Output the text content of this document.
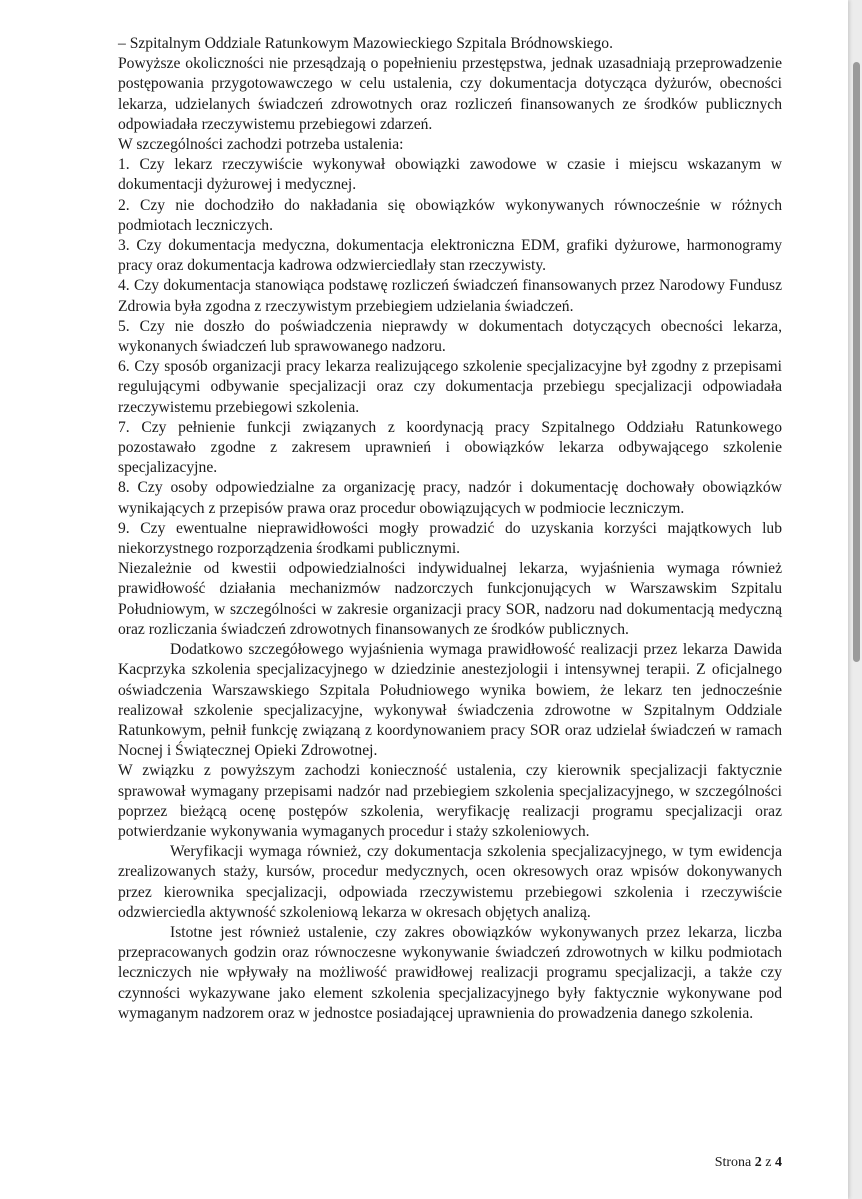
– Szpitalnym Oddziale Ratunkowym Mazowieckiego Szpitala Bródnowskiego.

Powyższe okoliczności nie przesądzają o popełnieniu przestępstwa, jednak uzasadniają przeprowadzenie postępowania przygotowawczego w celu ustalenia, czy dokumentacja dotycząca dyżurów, obecności lekarza, udzielanych świadczeń zdrowotnych oraz rozliczeń finansowanych ze środków publicznych odpowiadała rzeczywistemu przebiegowi zdarzeń.

W szczególności zachodzi potrzeba ustalenia:

1. Czy lekarz rzeczywiście wykonywał obowiązki zawodowe w czasie i miejscu wskazanym w dokumentacji dyżurowej i medycznej.

2. Czy nie dochodziło do nakładania się obowiązków wykonywanych równocześnie w różnych podmiotach leczniczych.

3. Czy dokumentacja medyczna, dokumentacja elektroniczna EDM, grafiki dyżurowe, harmonogramy pracy oraz dokumentacja kadrowa odzwierciedlały stan rzeczywisty.

4. Czy dokumentacja stanowiąca podstawę rozliczeń świadczeń finansowanych przez Narodowy Fundusz Zdrowia była zgodna z rzeczywistym przebiegiem udzielania świadczeń.

5. Czy nie doszło do poświadczenia nieprawdy w dokumentach dotyczących obecności lekarza, wykonanych świadczeń lub sprawowanego nadzoru.

6. Czy sposób organizacji pracy lekarza realizującego szkolenie specjalizacyjne był zgodny z przepisami regulującymi odbywanie specjalizacji oraz czy dokumentacja przebiegu specjalizacji odpowiadała rzeczywistemu przebiegowi szkolenia.

7. Czy pełnienie funkcji związanych z koordynacją pracy Szpitalnego Oddziału Ratunkowego pozostawało zgodne z zakresem uprawnień i obowiązków lekarza odbywającego szkolenie specjalizacyjne.

8. Czy osoby odpowiedzialne za organizację pracy, nadzór i dokumentację dochowały obowiązków wynikających z przepisów prawa oraz procedur obowiązujących w podmiocie leczniczym.

9. Czy ewentualne nieprawidłowości mogły prowadzić do uzyskania korzyści majątkowych lub niekorzystnego rozporządzenia środkami publicznymi.

Niezależnie od kwestii odpowiedzialności indywidualnej lekarza, wyjaśnienia wymaga również prawidłowość działania mechanizmów nadzorczych funkcjonujących w Warszawskim Szpitalu Południowym, w szczególności w zakresie organizacji pracy SOR, nadzoru nad dokumentacją medyczną oraz rozliczania świadczeń zdrowotnych finansowanych ze środków publicznych.

Dodatkowo szczegółowego wyjaśnienia wymaga prawidłowość realizacji przez lekarza Dawida Kacprzyka szkolenia specjalizacyjnego w dziedzinie anestezjologii i intensywnej terapii. Z oficjalnego oświadczenia Warszawskiego Szpitala Południowego wynika bowiem, że lekarz ten jednocześnie realizował szkolenie specjalizacyjne, wykonywał świadczenia zdrowotne w Szpitalnym Oddziale Ratunkowym, pełnił funkcję związaną z koordynowaniem pracy SOR oraz udzielał świadczeń w ramach Nocnej i Świątecznej Opieki Zdrowotnej.

W związku z powyższym zachodzi konieczność ustalenia, czy kierownik specjalizacji faktycznie sprawował wymagany przepisami nadzór nad przebiegiem szkolenia specjalizacyjnego, w szczególności poprzez bieżącą ocenę postępów szkolenia, weryfikację realizacji programu specjalizacji oraz potwierdzanie wykonywania wymaganych procedur i staży szkoleniowych.

Weryfikacji wymaga również, czy dokumentacja szkolenia specjalizacyjnego, w tym ewidencja zrealizowanych staży, kursów, procedur medycznych, ocen okresowych oraz wpisów dokonywanych przez kierownika specjalizacji, odpowiada rzeczywistemu przebiegowi szkolenia i rzeczywiście odzwierciedla aktywność szkoleniową lekarza w okresach objętych analizą.

Istotne jest również ustalenie, czy zakres obowiązków wykonywanych przez lekarza, liczba przepracowanych godzin oraz równoczesne wykonywanie świadczeń zdrowotnych w kilku podmiotach leczniczych nie wpływały na możliwość prawidłowej realizacji programu specjalizacji, a także czy czynności wykazywane jako element szkolenia specjalizacyjnego były faktycznie wykonywane pod wymaganym nadzorem oraz w jednostce posiadającej uprawnienia do prowadzenia danego szkolenia.

Strona 2 z 4
